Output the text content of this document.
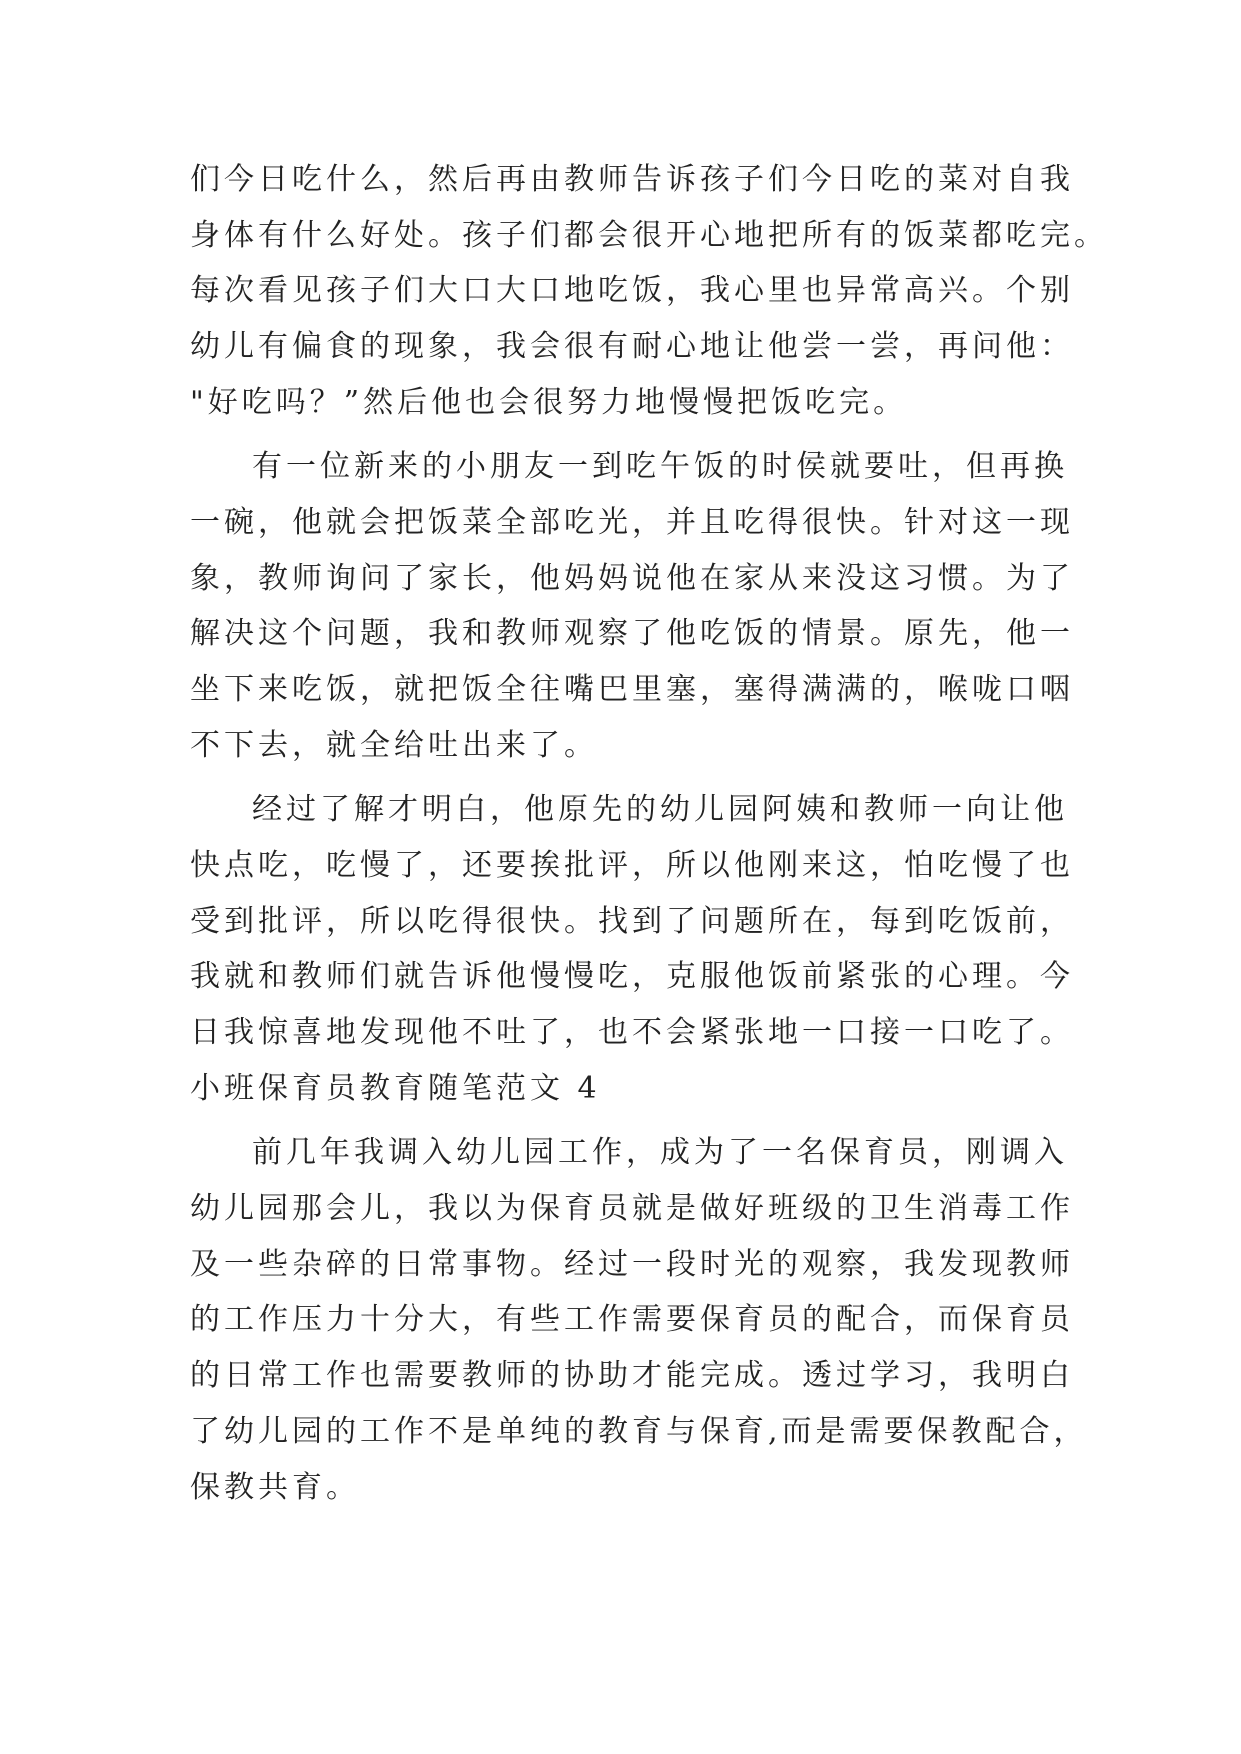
们今日吃什么，然后再由教师告诉孩子们今日吃的菜对自我
身体有什么好处。孩子们都会很开心地把所有的饭菜都吃完。
每次看见孩子们大口大口地吃饭，我心里也异常高兴。个别
幼儿有偏食的现象，我会很有耐心地让他尝一尝，再问他：
"好吃吗？”然后他也会很努力地慢慢把饭吃完。
有一位新来的小朋友一到吃午饭的时侯就要吐，但再换
一碗，他就会把饭菜全部吃光，并且吃得很快。针对这一现
象，教师询问了家长，他妈妈说他在家从来没这习惯。为了
解决这个问题，我和教师观察了他吃饭的情景。原先，他一
坐下来吃饭，就把饭全往嘴巴里塞，塞得满满的，喉咙口咽
不下去，就全给吐出来了。
经过了解才明白，他原先的幼儿园阿姨和教师一向让他
快点吃，吃慢了，还要挨批评，所以他刚来这，怕吃慢了也
受到批评，所以吃得很快。找到了问题所在，每到吃饭前，
我就和教师们就告诉他慢慢吃，克服他饭前紧张的心理。今
日我惊喜地发现他不吐了，也不会紧张地一口接一口吃了。
小班保育员教育随笔范文 4
前几年我调入幼儿园工作，成为了一名保育员，刚调入
幼儿园那会儿，我以为保育员就是做好班级的卫生消毒工作
及一些杂碎的日常事物。经过一段时光的观察，我发现教师
的工作压力十分大，有些工作需要保育员的配合，而保育员
的日常工作也需要教师的协助才能完成。透过学习，我明白
了幼儿园的工作不是单纯的教育与保育,而是需要保教配合，
保教共育。
